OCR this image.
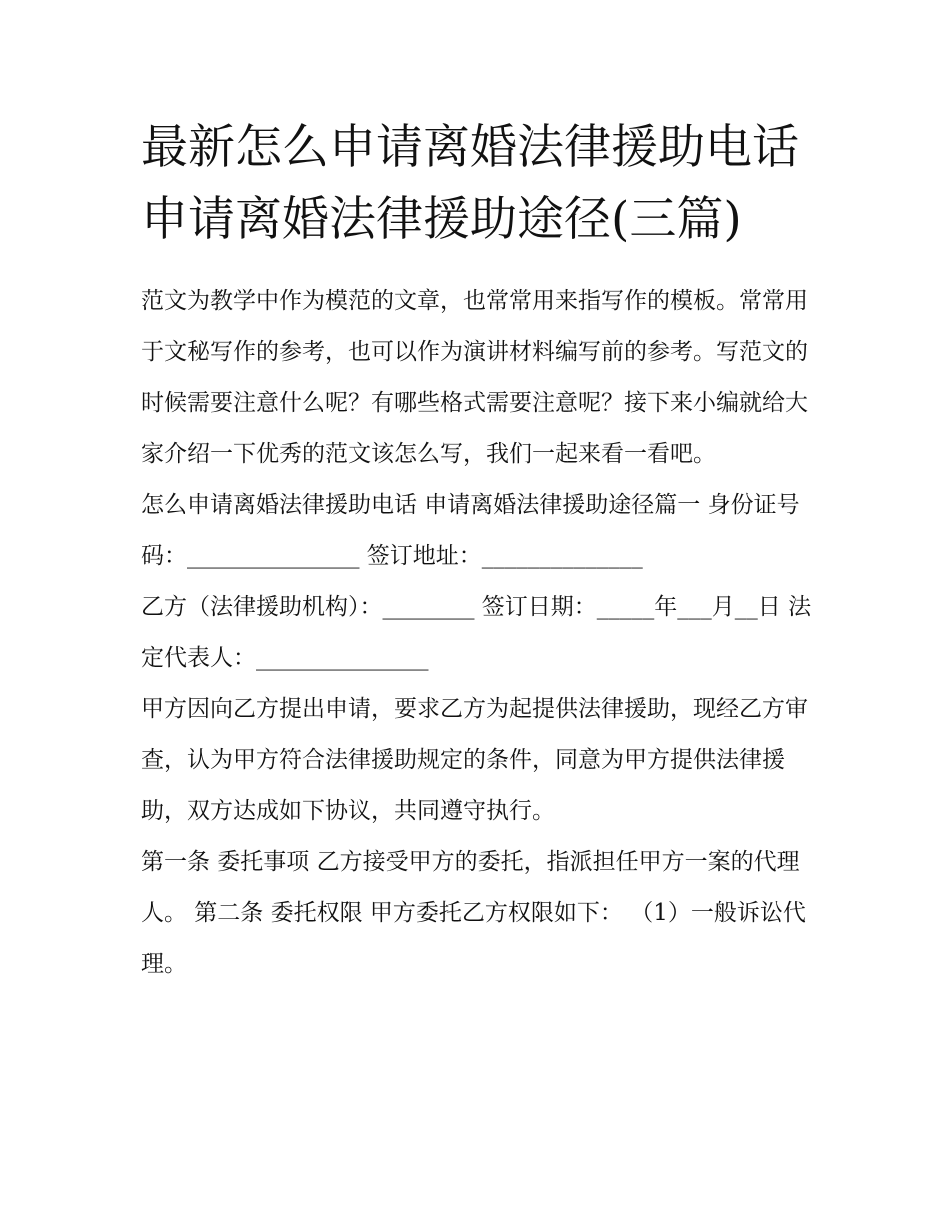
最新怎么申请离婚法律援助电话 申请离婚法律援助途径(三篇)

范文为教学中作为模范的文章，也常常用来指写作的模板。常常用于文秘写作的参考，也可以作为演讲材料编写前的参考。写范文的时候需要注意什么呢？有哪些格式需要注意呢？接下来小编就给大家介绍一下优秀的范文该怎么写，我们一起来看一看吧。

怎么申请离婚法律援助电话 申请离婚法律援助途径篇一 身份证号码：_______________ 签订地址：______________

乙方（法律援助机构）：________ 签订日期：_____年___月__日 法定代表人：_______________

甲方因向乙方提出申请，要求乙方为起提供法律援助，现经乙方审查，认为甲方符合法律援助规定的条件，同意为甲方提供法律援助，双方达成如下协议，共同遵守执行。

第一条 委托事项 乙方接受甲方的委托，指派担任甲方一案的代理人。 第二条 委托权限 甲方委托乙方权限如下： （1）一般诉讼代理。
